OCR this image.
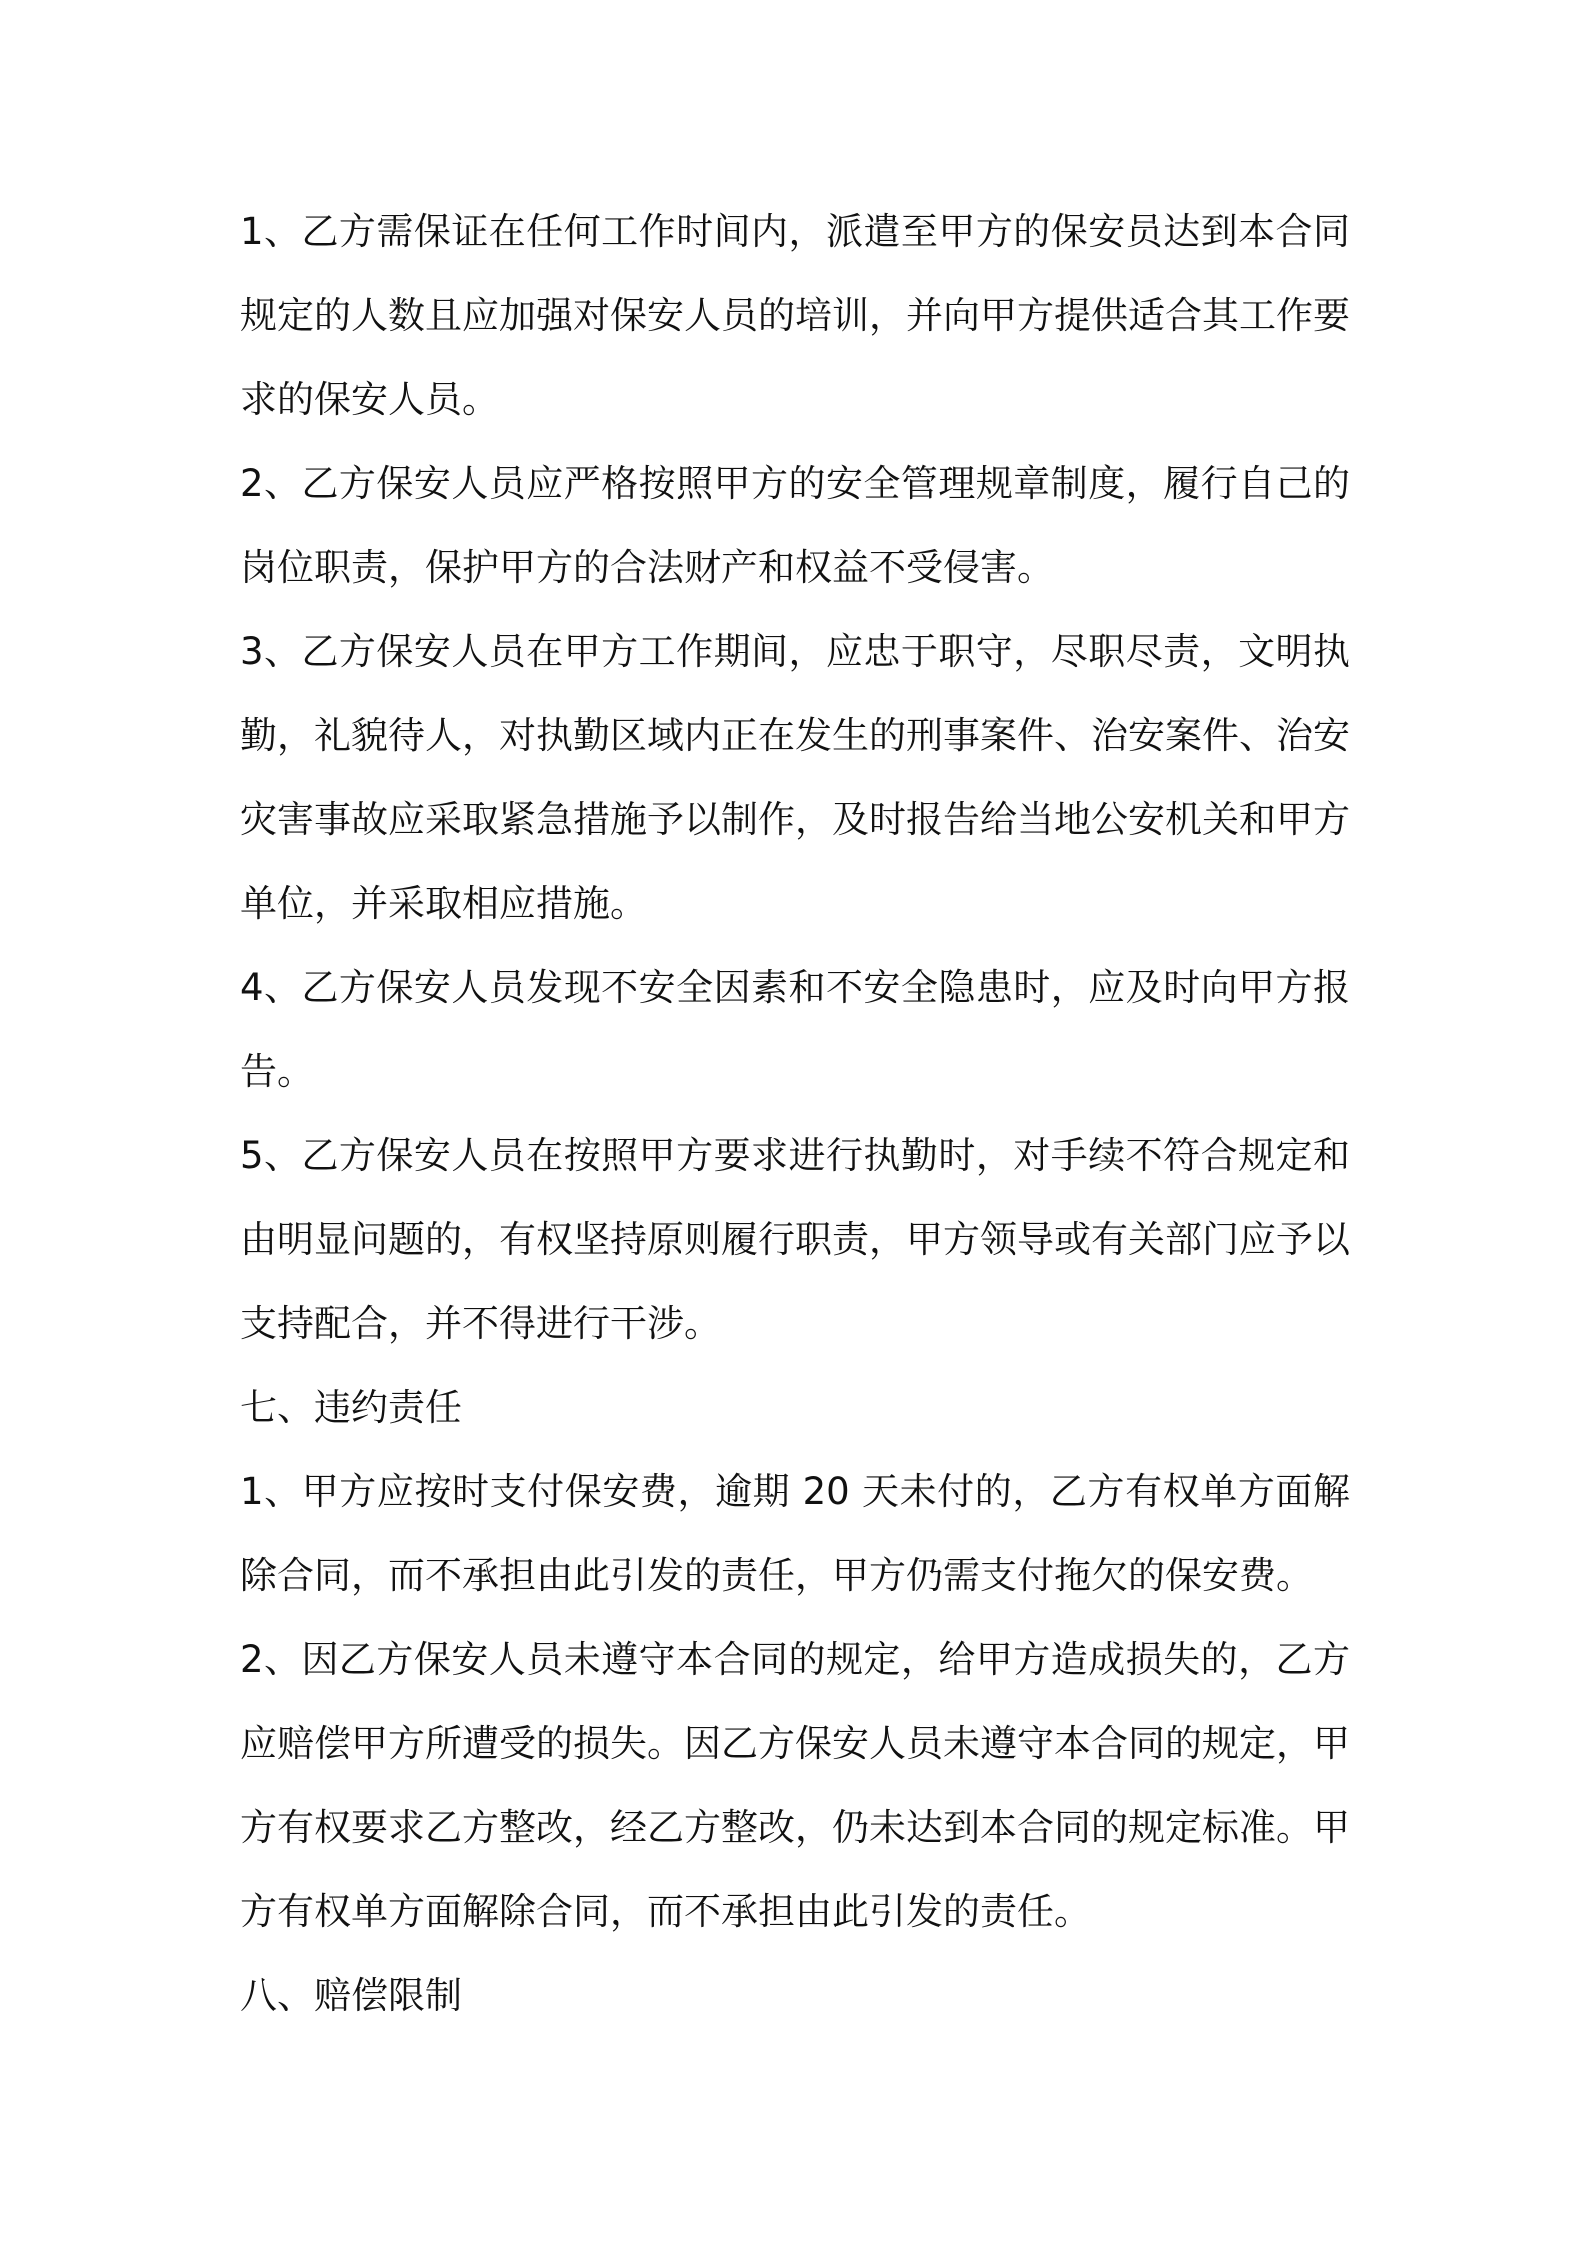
1、乙方需保证在任何工作时间内，派遣至甲方的保安员达到本合同
规定的人数且应加强对保安人员的培训，并向甲方提供适合其工作要
求的保安人员。
2、乙方保安人员应严格按照甲方的安全管理规章制度，履行自己的
岗位职责，保护甲方的合法财产和权益不受侵害。
3、乙方保安人员在甲方工作期间，应忠于职守，尽职尽责，文明执
勤，礼貌待人，对执勤区域内正在发生的刑事案件、治安案件、治安
灾害事故应采取紧急措施予以制作，及时报告给当地公安机关和甲方
单位，并采取相应措施。
4、乙方保安人员发现不安全因素和不安全隐患时，应及时向甲方报
告。
5、乙方保安人员在按照甲方要求进行执勤时，对手续不符合规定和
由明显问题的，有权坚持原则履行职责，甲方领导或有关部门应予以
支持配合，并不得进行干涉。
七、违约责任
1、甲方应按时支付保安费，逾期 20 天未付的，乙方有权单方面解
除合同，而不承担由此引发的责任，甲方仍需支付拖欠的保安费。
2、因乙方保安人员未遵守本合同的规定，给甲方造成损失的，乙方
应赔偿甲方所遭受的损失。因乙方保安人员未遵守本合同的规定，甲
方有权要求乙方整改，经乙方整改，仍未达到本合同的规定标准。甲
方有权单方面解除合同，而不承担由此引发的责任。
八、赔偿限制
